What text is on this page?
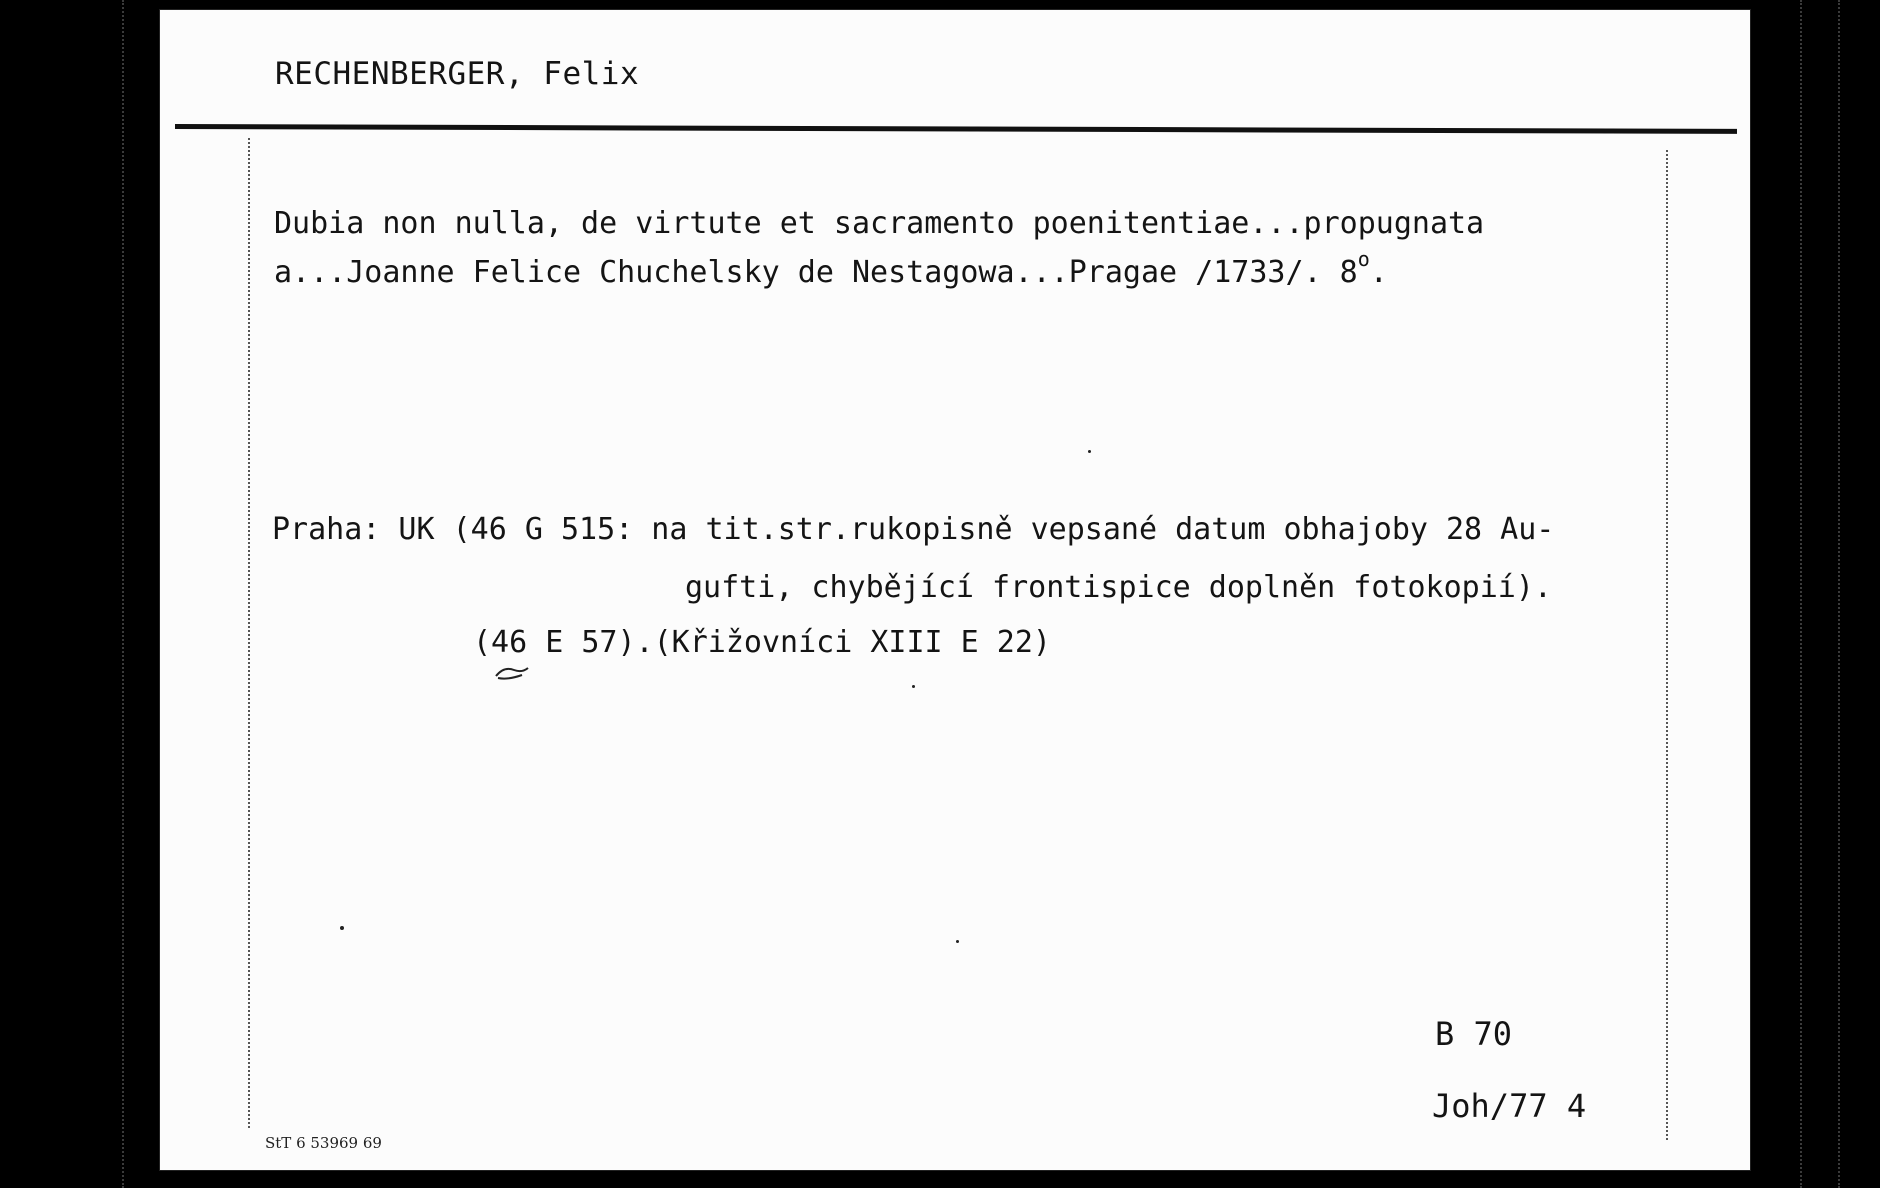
RECHENBERGER, Felix
Dubia non nulla, de virtute et sacramento poenitentiae...propugnata
a...Joanne Felice Chuchelsky de Nestagowa...Pragae /1733/. 8$^o$.
Praha: UK (46 G 515: na tit.str.rukopisně vepsané datum obhajoby 28 Au-
gufti, chybějící frontispice doplněn fotokopií).
(46 E 57).(Křižovníci XIII E 22)
B 70
Joh/77 4
StT 6 53969 69
